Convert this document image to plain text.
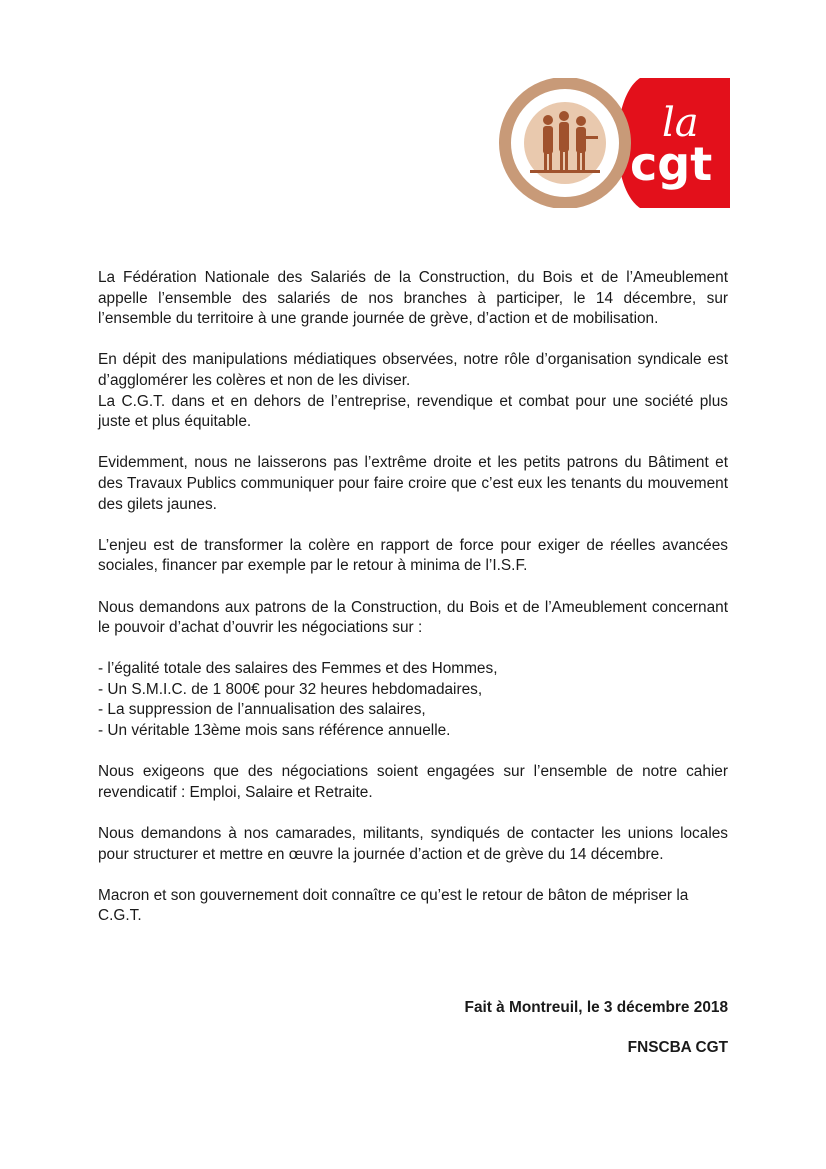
la
cgt

La Fédération Nationale des Salariés de la Construction, du Bois et de l’Ameublement appelle l’ensemble des salariés de nos branches à participer, le 14 décembre, sur l’ensemble du territoire à une grande journée de grève, d’action et de mobilisation.

En dépit des manipulations médiatiques observées, notre rôle d’organisation syndicale est d’agglomérer les colères et non de les diviser.

La C.G.T. dans et en dehors de l’entreprise, revendique et combat pour une société plus juste et plus équitable.

Evidemment, nous ne laisserons pas l’extrême droite et les petits patrons du Bâtiment et des Travaux Publics communiquer pour faire croire que c’est eux les tenants du mouvement des gilets jaunes.

L’enjeu est de transformer la colère en rapport de force pour exiger de réelles avancées sociales, financer par exemple par le retour à minima de l’I.S.F.

Nous demandons aux patrons de la Construction, du Bois et de l’Ameublement concernant le pouvoir d’achat d’ouvrir les négociations sur :

- l’égalité totale des salaires des Femmes et des Hommes,
- Un S.M.I.C. de 1 800€ pour 32 heures hebdomadaires,
- La suppression de l’annualisation des salaires,
- Un véritable 13ème mois sans référence annuelle.

Nous exigeons que des négociations soient engagées sur l’ensemble de notre cahier revendicatif : Emploi, Salaire et Retraite.

Nous demandons à nos camarades, militants, syndiqués de contacter les unions locales pour structurer et mettre en œuvre la journée d’action et de grève du 14 décembre.

Macron et son gouvernement doit connaître ce qu’est le retour de bâton de mépriser la C.G.T.

Fait à Montreuil, le 3 décembre 2018
FNSCBA CGT
